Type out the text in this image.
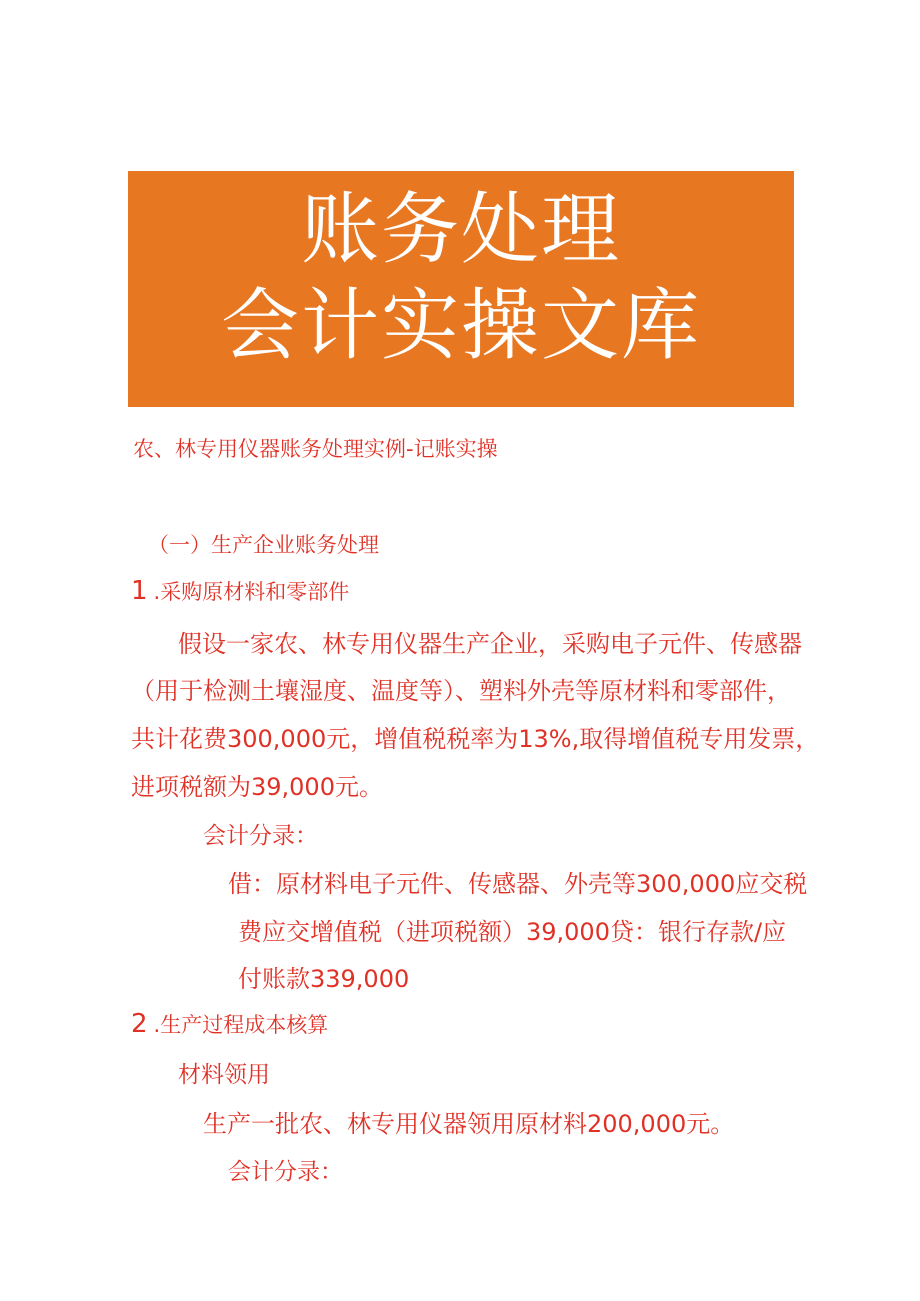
账务处理
会计实操文库
农、林专用仪器账务处理实例-记账实操
（一）生产企业账务处理
1 .采购原材料和零部件
假设一家农、林专用仪器生产企业，采购电子元件、传感器
（用于检测土壤湿度、温度等）、塑料外壳等原材料和零部件，
共计花费300,000元，增值税税率为13%,取得增值税专用发票，
进项税额为39,000元。
会计分录：
借：原材料电子元件、传感器、外壳等300,000应交税
费应交增值税（进项税额）39,000贷：银行存款/应
付账款339,000
2 .生产过程成本核算
材料领用
生产一批农、林专用仪器领用原材料200,000元。
会计分录：
